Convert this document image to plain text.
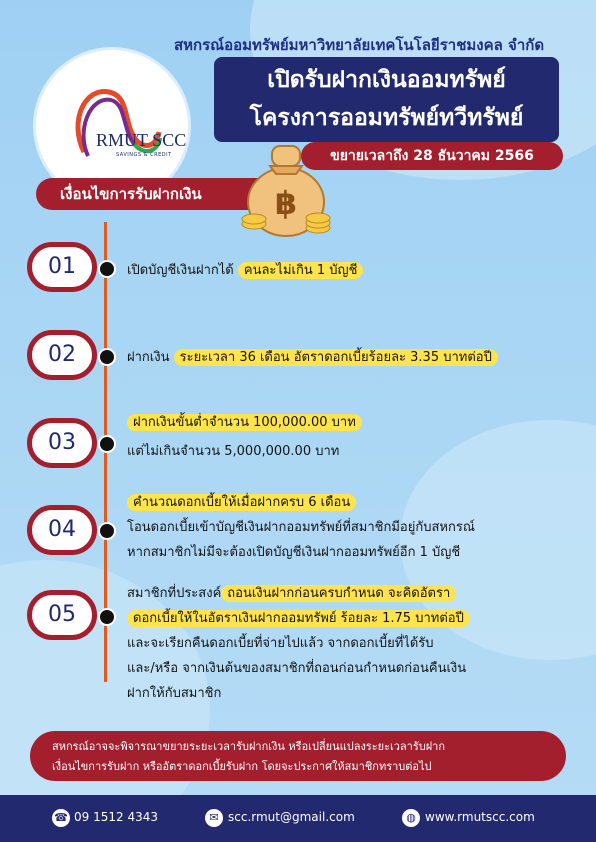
RMUT SCC
SAVINGS & CREDIT
สหกรณ์ออมทรัพย์มหาวิทยาลัยเทคโนโลยีราชมงคล จำกัด
เปิดรับฝากเงินออมทรัพย์
โครงการออมทรัพย์ทวีทรัพย์
ขยายเวลาถึง 28 ธันวาคม 2566
เงื่อนไขการรับฝากเงิน	฿
01	เปิดบัญชีเงินฝากได้ คนละไม่เกิน 1 บัญชี
02	ฝากเงิน ระยะเวลา 36 เดือน อัตราดอกเบี้ยร้อยละ 3.35 บาทต่อปี
03
ฝากเงินขั้นต่ำจำนวน 100,000.00 บาท
แต่ไม่เกินจำนวน 5,000,000.00 บาท
04
คำนวณดอกเบี้ยให้เมื่อฝากครบ 6 เดือน
โอนดอกเบี้ยเข้าบัญชีเงินฝากออมทรัพย์ที่สมาชิกมีอยู่กับสหกรณ์
หากสมาชิกไม่มีจะต้องเปิดบัญชีเงินฝากออมทรัพย์อีก 1 บัญชี
05
สมาชิกที่ประสงค์ ถอนเงินฝากก่อนครบกำหนด จะคิดอัตรา
ดอกเบี้ยให้ในอัตราเงินฝากออมทรัพย์ ร้อยละ 1.75 บาทต่อปี
และจะเรียกคืนดอกเบี้ยที่จ่ายไปแล้ว จากดอกเบี้ยที่ได้รับ
และ/หรือ จากเงินต้นของสมาชิกที่ถอนก่อนกำหนดก่อนคืนเงิน
ฝากให้กับสมาชิก
สหกรณ์อาจจะพิจารณาขยายระยะเวลารับฝากเงิน หรือเปลี่ยนแปลงระยะเวลารับฝาก
เงื่อนไขการรับฝาก หรืออัตราดอกเบี้ยรับฝาก โดยจะประกาศให้สมาชิกทราบต่อไป
☎ 09 1512 4343	✉ scc.rmut@gmail.com	◍ www.rmutscc.com
